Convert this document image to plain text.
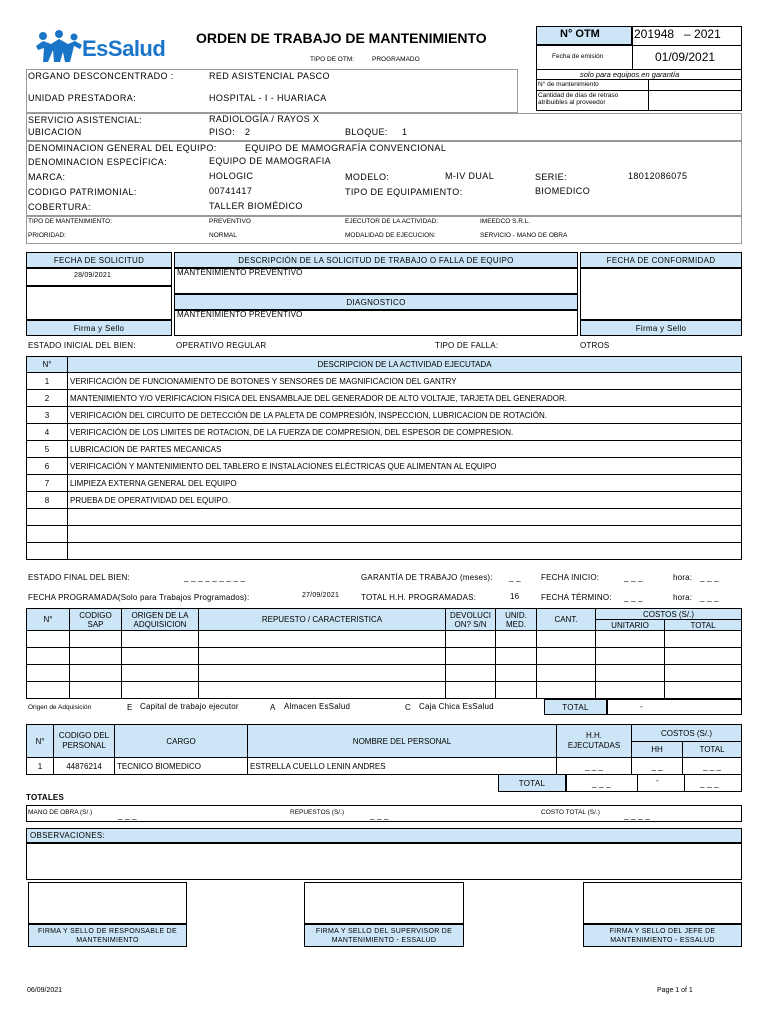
EsSalud ORDEN DE TRABAJO DE MANTENIMIENTO
TIPO DE OTM:	PROGRAMADO
N° OTM	201948   – 2021
Fecha de emisión	01/09/2021
solo para equipos en garantía
N° de mantenimiento
Cantidad de días de retraso atribuibles al proveedor
ORGANO DESCONCENTRADO :	RED ASISTENCIAL PASCO
UNIDAD PRESTADORA:	HOSPITAL - I - HUARIACA
SERVICIO ASISTENCIAL:	RADIOLOGÍA / RAYOS X
UBICACION	PISO: 2	BLOQUE: 1
DENOMINACION GENERAL DEL EQUIPO:	EQUIPO DE MAMOGRAFÍA CONVENCIONAL
DENOMINACION ESPECÍFICA:	EQUIPO DE MAMOGRAFIA
MARCA:	HOLOGIC	MODELO:	M-IV DUAL	SERIE:	18012086075
CODIGO PATRIMONIAL:	00741417	TIPO DE EQUIPAMIENTO:	BIOMEDICO
COBERTURA:	TALLER BIOMÉDICO
TIPO DE MANTENIMIENTO:	PREVENTIVO	EJECUTOR DE LA ACTIVIDAD:	IMEEDCO S.R.L.
PRIORIDAD:	NORMAL	MODALIDAD DE EJECUCION:	SERVICIO - MANO DE OBRA
FECHA DE SOLICITUD
28/09/2021
Firma y Sello
DESCRIPCIÓN DE LA SOLICITUD DE TRABAJO O FALLA DE EQUIPO
MANTENIMIENTO PREVENTIVO
DIAGNOSTICO
MANTENIMIENTO PREVENTIVO
FECHA DE CONFORMIDAD
Firma y Sello
ESTADO INICIAL DEL BIEN:	OPERATIVO REGULAR	TIPO DE FALLA:	OTROS
N°	DESCRIPCION DE LA ACTIVIDAD EJECUTADA
1	VERIFICACIÓN DE FUNCIONAMIENTO DE BOTONES Y SENSORES DE MAGNIFICACION DEL GANTRY
2	MANTENIMIENTO Y/O VERIFICACION FISICA DEL ENSAMBLAJE DEL GENERADOR DE ALTO VOLTAJE, TARJETA DEL GENERADOR.
3	VERIFICACIÓN DEL CIRCUITO DE DETECCIÓN DE LA PALETA DE COMPRESIÓN, INSPECCION, LUBRICACION DE ROTACIÓN.
4	VERIFICACIÓN DE LOS LIMITES DE ROTACION, DE LA FUERZA DE COMPRESION, DEL ESPESOR DE COMPRESION.
5	LUBRICACION DE PARTES MECANICAS
6	VERIFICACIÓN Y MANTENIMIENTO DEL TABLERO E INSTALACIONES ELÉCTRICAS QUE ALIMENTAN AL EQUIPO
7	LIMPIEZA EXTERNA GENERAL DEL EQUIPO
8	PRUEBA DE OPERATIVIDAD DEL EQUIPO.

ESTADO FINAL DEL BIEN:	_ _ _ _ _ _ _ _ _	GARANTÍA DE TRABAJO (meses): _ _	FECHA INICIO:	_ _ _	hora: _ _ _
FECHA PROGRAMADA(Solo para Trabajos Programados):	27/09/2021	TOTAL H.H. PROGRAMADAS:	16	FECHA TÉRMINO: _ _ _	hora: _ _ _
N°	CODIGO SAP	ORIGEN DE LA ADQUISICION	REPUESTO / CARACTERISTICA	DEVOLUCI ON? S/N	UNID. MED.	CANT.	COSTOS (S/.)	
							UNITARIO	TOTAL

Origen de Adquisición	E Capital de trabajo ejecutor	A Almacen EsSalud	C Caja Chica EsSalud	TOTAL	-
N°	CODIGO DEL PERSONAL	CARGO	NOMBRE DEL PERSONAL	H.H. EJECUTADAS	COSTOS (S/.)	
					HH	TOTAL
1	44876214	TECNICO BIOMEDICO	ESTRELLA CUELLO LENIN ANDRES	_ _ _	_ _	_ _ _
TOTAL	_ _ _	-	_ _ _
TOTALES
MANO DE OBRA (S/.)	_ _ _	REPUESTOS (S/.)	_ _ _	COSTO TOTAL (S/.)	_ _ _ _
OBSERVACIONES:
FIRMA Y SELLO DE RESPONSABLE DE MANTENIMIENTO
FIRMA Y SELLO DEL SUPERVISOR DE MANTENIMIENTO - ESSALUD
FIRMA Y SELLO DEL JEFE DE MANTENIMIENTO - ESSALUD
06/09/2021	Page 1 of 1
